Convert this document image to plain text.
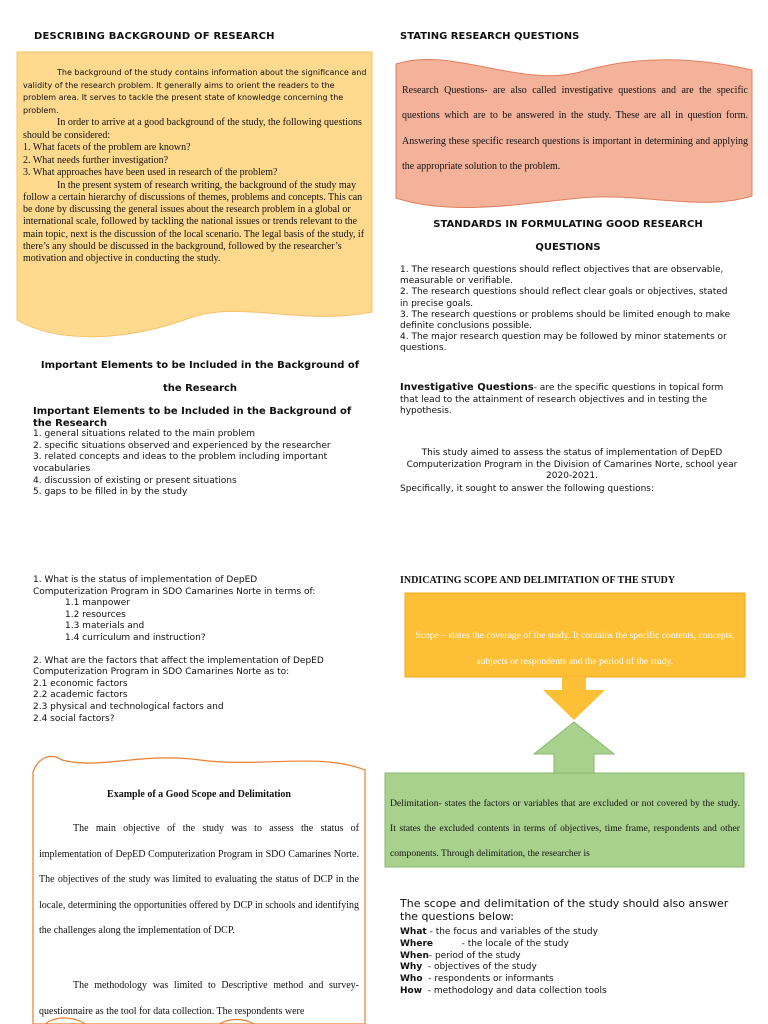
DESCRIBING BACKGROUND OF RESEARCH
The background of the study contains information about the significance and validity of the research problem. It generally aims to orient the readers to the problem area. It serves to tackle the present state of knowledge concerning the problem.
In order to arrive at a good background of the study, the following questions should be considered:
1. What facets of the problem are known?
2. What needs further investigation?
3. What approaches have been used in research of the problem?
In the present system of research writing, the background of the study may follow a certain hierarchy of discussions of themes, problems and concepts. This can be done by discussing the general issues about the research problem in a global or international scale, followed by tackling the national issues or trends relevant to the main topic, next is the discussion of the local scenario. The legal basis of the study, if there’s any should be discussed in the background, followed by the researcher’s motivation and objective in conducting the study.
Important Elements to be Included in the Background of
the Research
Important Elements to be Included in the Background of the Research
1. general situations related to the main problem
2. specific situations observed and experienced by the researcher
3. related concepts and ideas to the problem including important vocabularies
4. discussion of existing or present situations
5. gaps to be filled in by the study
1. What is the status of implementation of DepED
Computerization Program in SDO Camarines Norte in terms of:
1.1 manpower
1.2 resources
1.3 materials and
1.4 curriculum and instruction?
2. What are the factors that affect the implementation of DepED
Computerization Program in SDO Camarines Norte as to:
2.1 economic factors
2.2 academic factors
2.3 physical and technological factors and
2.4 social factors?
Example of a Good Scope and Delimitation
The main objective of the study was to assess the status of implementation of DepED Computerization Program in SDO Camarines Norte. The objectives of the study was limited to evaluating the status of DCP in the locale, determining the opportunities offered by DCP in schools and identifying the challenges along the implementation of DCP.
The methodology was limited to Descriptive method and survey-questionnaire as the tool for data collection. The respondents were
STATING RESEARCH QUESTIONS
Research Questions- are also called investigative questions and are the specific questions which are to be answered in the study. These are all in question form. Answering these specific research questions is important in determining and applying the appropriate solution to the problem.
STANDARDS IN FORMULATING GOOD RESEARCH
QUESTIONS
1. The research questions should reflect objectives that are observable, measurable or verifiable.
2. The research questions should reflect clear goals or objectives, stated in precise goals.
3. The research questions or problems should be limited enough to make definite conclusions possible.
4. The major research question may be followed by minor statements or questions.
Investigative Questions- are the specific questions in topical form that lead to the attainment of research objectives and in testing the hypothesis.
This study aimed to assess the status of implementation of DepED Computerization Program in the Division of Camarines Norte, school year 2020-2021.
Specifically, it sought to answer the following questions:
INDICATING SCOPE AND DELIMITATION OF THE STUDY
Scope – states the coverage of the study. It contains the specific contents, concepts, subjects or respondents and the period of the study.
Delimitation- states the factors or variables that are excluded or not covered by the study. It states the excluded contents in terms of objectives, time frame, respondents and other components. Through delimitation, the researcher is
The scope and delimitation of the study should also answer the questions below:
What - the focus and variables of the study
Where          - the locale of the study
When- period of the study
Why  - objectives of the study
Who  - respondents or informants
How  - methodology and data collection tools
